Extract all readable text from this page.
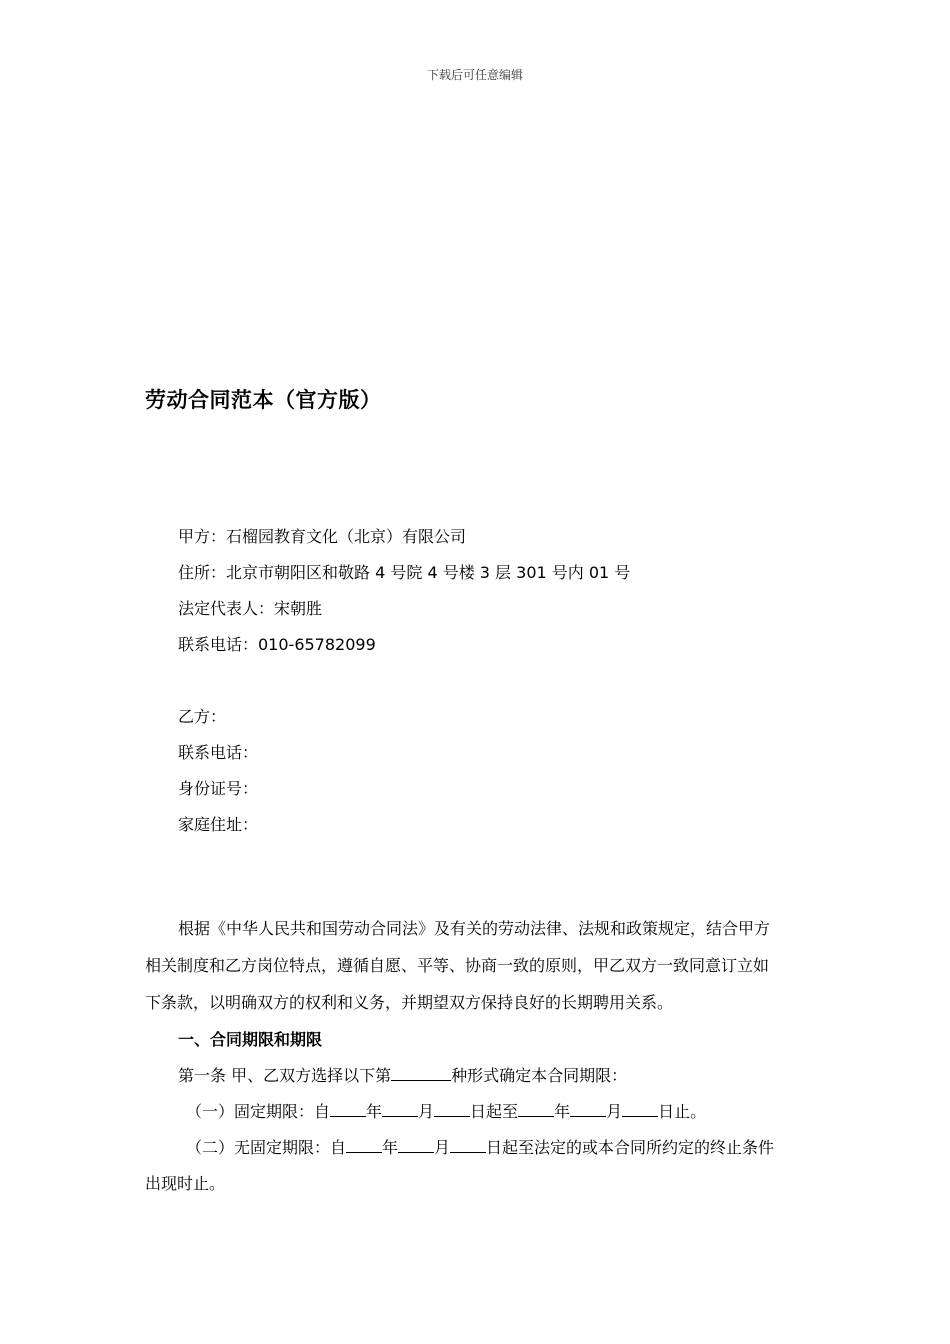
下载后可任意编辑
劳动合同范本（官方版）
甲方：石榴园教育文化（北京）有限公司
住所：北京市朝阳区和敬路 4 号院 4 号楼 3 层 301 号内 01 号
法定代表人：宋朝胜
联系电话：010-65782099
乙方：
联系电话：
身份证号：
家庭住址：
根据《中华人民共和国劳动合同法》及有关的劳动法律、法规和政策规定，结合甲方
相关制度和乙方岗位特点，遵循自愿、平等、协商一致的原则，甲乙双方一致同意订立如
下条款，以明确双方的权利和义务，并期望双方保持良好的长期聘用关系。
一、合同期限和期限
第一条 甲、乙双方选择以下第	种形式确定本合同期限：
（一）固定期限：自 年 月 日起至 年 月 日止。
（二）无固定期限：自 年 月 日起至法定的或本合同所约定的终止条件
出现时止。
